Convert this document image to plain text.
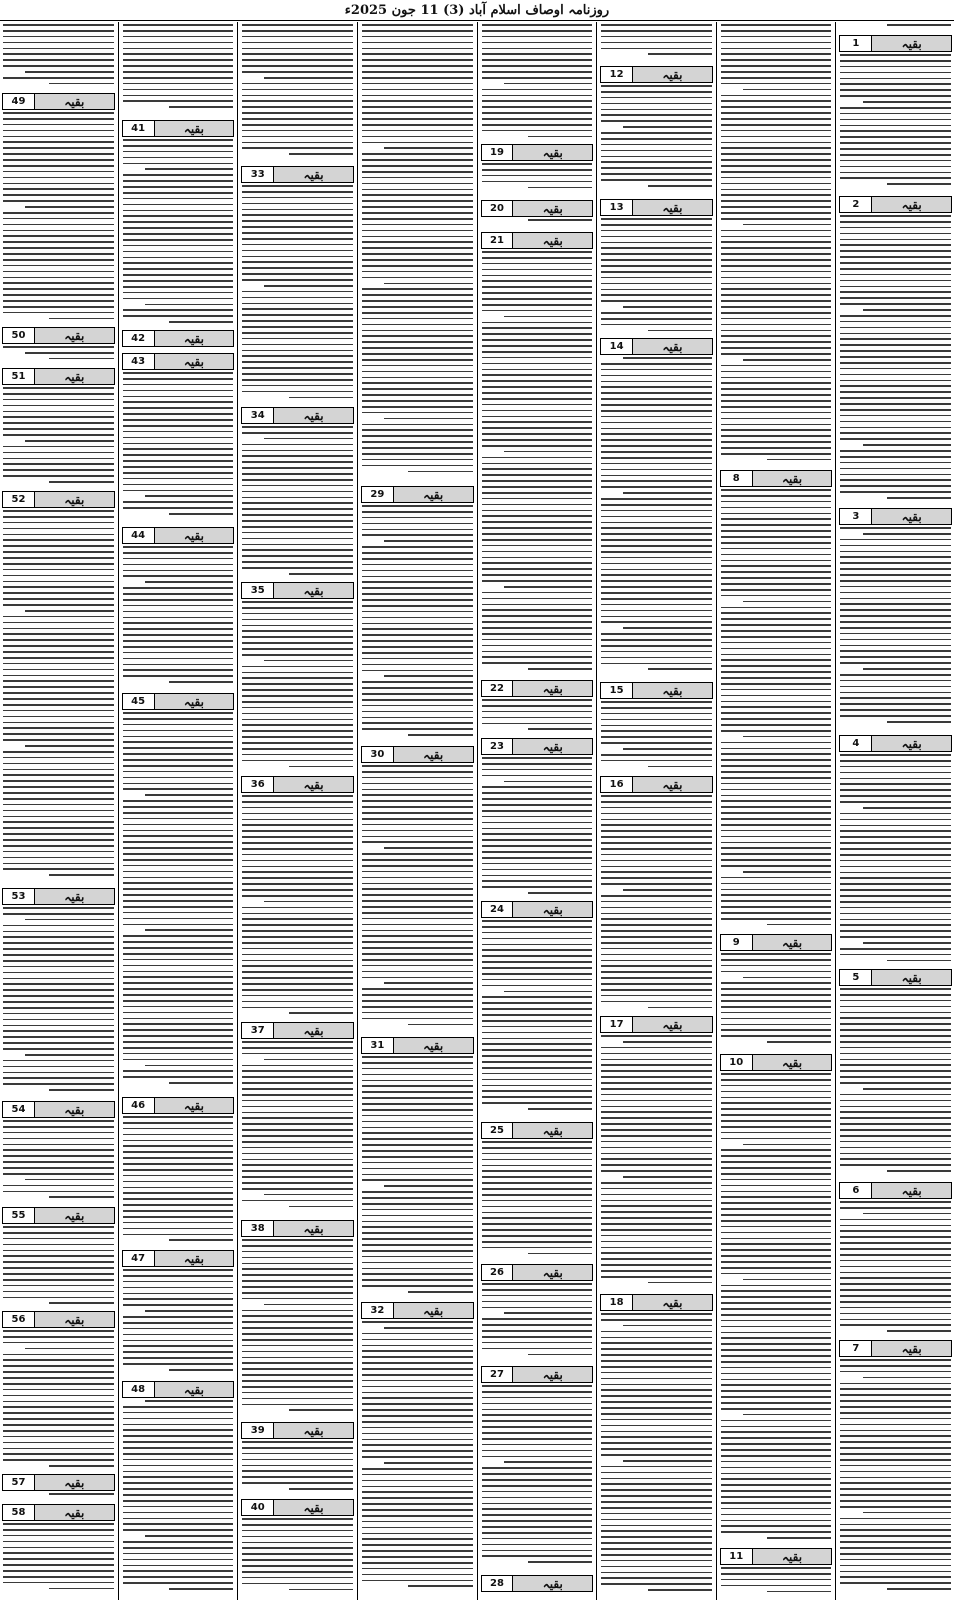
روزنامہ اوصاف اسلام آباد (3) 11 جون 2025ء
1	بقیہ
2	بقیہ
3	بقیہ
4	بقیہ
5	بقیہ
6	بقیہ
7	بقیہ
8	بقیہ
9	بقیہ
10	بقیہ
11	بقیہ
12	بقیہ
13	بقیہ
14	بقیہ
15	بقیہ
16	بقیہ
17	بقیہ
18	بقیہ
19	بقیہ
20	بقیہ
21	بقیہ
22	بقیہ
23	بقیہ
24	بقیہ
25	بقیہ
26	بقیہ
27	بقیہ
28	بقیہ
29	بقیہ
30	بقیہ
31	بقیہ
32	بقیہ
33	بقیہ
34	بقیہ
35	بقیہ
36	بقیہ
37	بقیہ
38	بقیہ
39	بقیہ
40	بقیہ
41	بقیہ
42	بقیہ
43	بقیہ
44	بقیہ
45	بقیہ
46	بقیہ
47	بقیہ
48	بقیہ
49	بقیہ
50	بقیہ
51	بقیہ
52	بقیہ
53	بقیہ
54	بقیہ
55	بقیہ
56	بقیہ
57	بقیہ
58	بقیہ
